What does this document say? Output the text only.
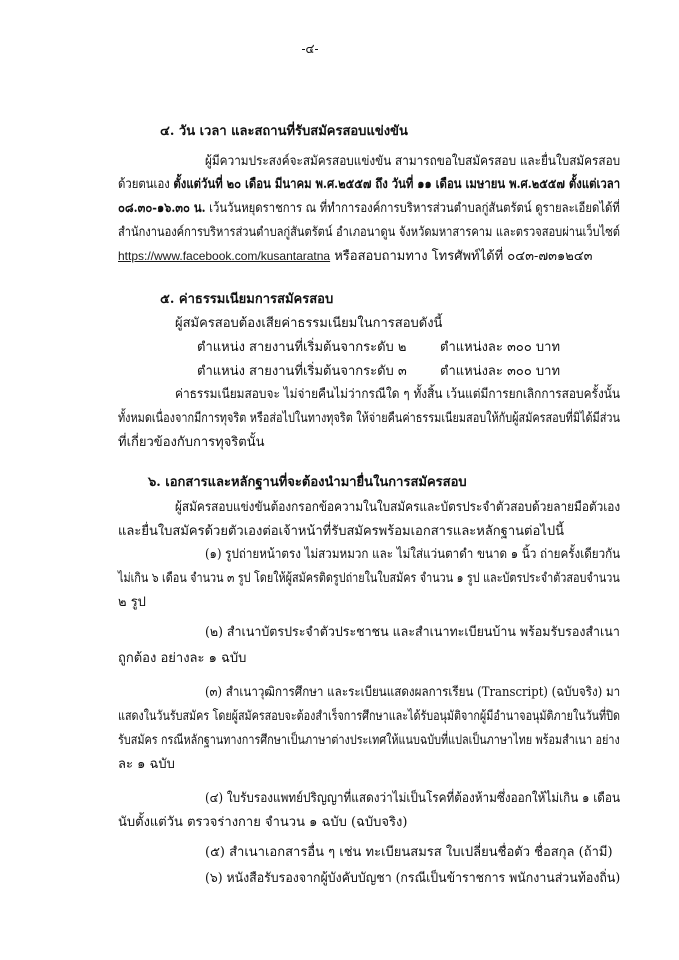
-๔-
๔. วัน เวลา และสถานที่รับสมัครสอบแข่งขัน
ผู้มีความประสงค์จะสมัครสอบแข่งขัน สามารถขอใบสมัครสอบ และยื่นใบสมัครสอบ
ด้วยตนเอง ตั้งแต่วันที่ ๒๐ เดือน มีนาคม พ.ศ.๒๕๕๗ ถึง วันที่ ๑๑ เดือน เมษายน พ.ศ.๒๕๕๗ ตั้งแต่เวลา
๐๘.๓๐-๑๖.๓๐ น. เว้นวันหยุดราชการ ณ ที่ทำการองค์การบริหารส่วนตำบลกู่สันตรัตน์ ดูรายละเอียดได้ที่
สำนักงานองค์การบริหารส่วนตำบลกู่สันตรัตน์ อำเภอนาดูน จังหวัดมหาสารคาม และตรวจสอบผ่านเว็บไซต์
https://www.facebook.com/kusantaratna หรือสอบถามทาง โทรศัพท์ได้ที่ ๐๔๓-๗๓๑๒๔๓
๕. ค่าธรรมเนียมการสมัครสอบ
ผู้สมัครสอบต้องเสียค่าธรรมเนียมในการสอบดังนี้
ตำแหน่ง สายงานที่เริ่มต้นจากระดับ ๒	ตำแหน่งละ ๓๐๐ บาท
ตำแหน่ง สายงานที่เริ่มต้นจากระดับ ๓	ตำแหน่งละ ๓๐๐ บาท
ค่าธรรมเนียมสอบจะ ไม่จ่ายคืนไม่ว่ากรณีใด ๆ ทั้งสิ้น เว้นแต่มีการยกเลิกการสอบครั้งนั้น
ทั้งหมดเนื่องจากมีการทุจริต หรือส่อไปในทางทุจริต ให้จ่ายคืนค่าธรรมเนียมสอบให้กับผู้สมัครสอบที่มิได้มีส่วน
ที่เกี่ยวข้องกับการทุจริตนั้น
๖. เอกสารและหลักฐานที่จะต้องนำมายื่นในการสมัครสอบ
ผู้สมัครสอบแข่งขันต้องกรอกข้อความในใบสมัครและบัตรประจำตัวสอบด้วยลายมือตัวเอง
และยื่นใบสมัครด้วยตัวเองต่อเจ้าหน้าที่รับสมัครพร้อมเอกสารและหลักฐานต่อไปนี้
(๑) รูปถ่ายหน้าตรง ไม่สวมหมวก และ ไม่ใส่แว่นตาดำ ขนาด ๑ นิ้ว ถ่ายครั้งเดียวกัน
ไม่เกิน ๖ เดือน จำนวน ๓ รูป โดยให้ผู้สมัครติดรูปถ่ายในใบสมัคร จำนวน ๑ รูป และบัตรประจำตัวสอบจำนวน
๒ รูป
(๒) สำเนาบัตรประจำตัวประชาชน และสำเนาทะเบียนบ้าน พร้อมรับรองสำเนา
ถูกต้อง อย่างละ ๑ ฉบับ
(๓) สำเนาวุฒิการศึกษา และระเบียนแสดงผลการเรียน (Transcript) (ฉบับจริง) มา
แสดงในวันรับสมัคร โดยผู้สมัครสอบจะต้องสำเร็จการศึกษาและได้รับอนุมัติจากผู้มีอำนาจอนุมัติภายในวันที่ปิด
รับสมัคร กรณีหลักฐานทางการศึกษาเป็นภาษาต่างประเทศให้แนบฉบับที่แปลเป็นภาษาไทย พร้อมสำเนา อย่าง
ละ ๑ ฉบับ
(๔) ใบรับรองแพทย์ปริญญาที่แสดงว่าไม่เป็นโรคที่ต้องห้ามซึ่งออกให้ไม่เกิน ๑ เดือน
นับตั้งแต่วัน ตรวจร่างกาย จำนวน ๑ ฉบับ (ฉบับจริง)
(๕) สำเนาเอกสารอื่น ๆ เช่น ทะเบียนสมรส ใบเปลี่ยนชื่อตัว ชื่อสกุล (ถ้ามี)
(๖) หนังสือรับรองจากผู้บังคับบัญชา (กรณีเป็นข้าราชการ พนักงานส่วนท้องถิ่น)
